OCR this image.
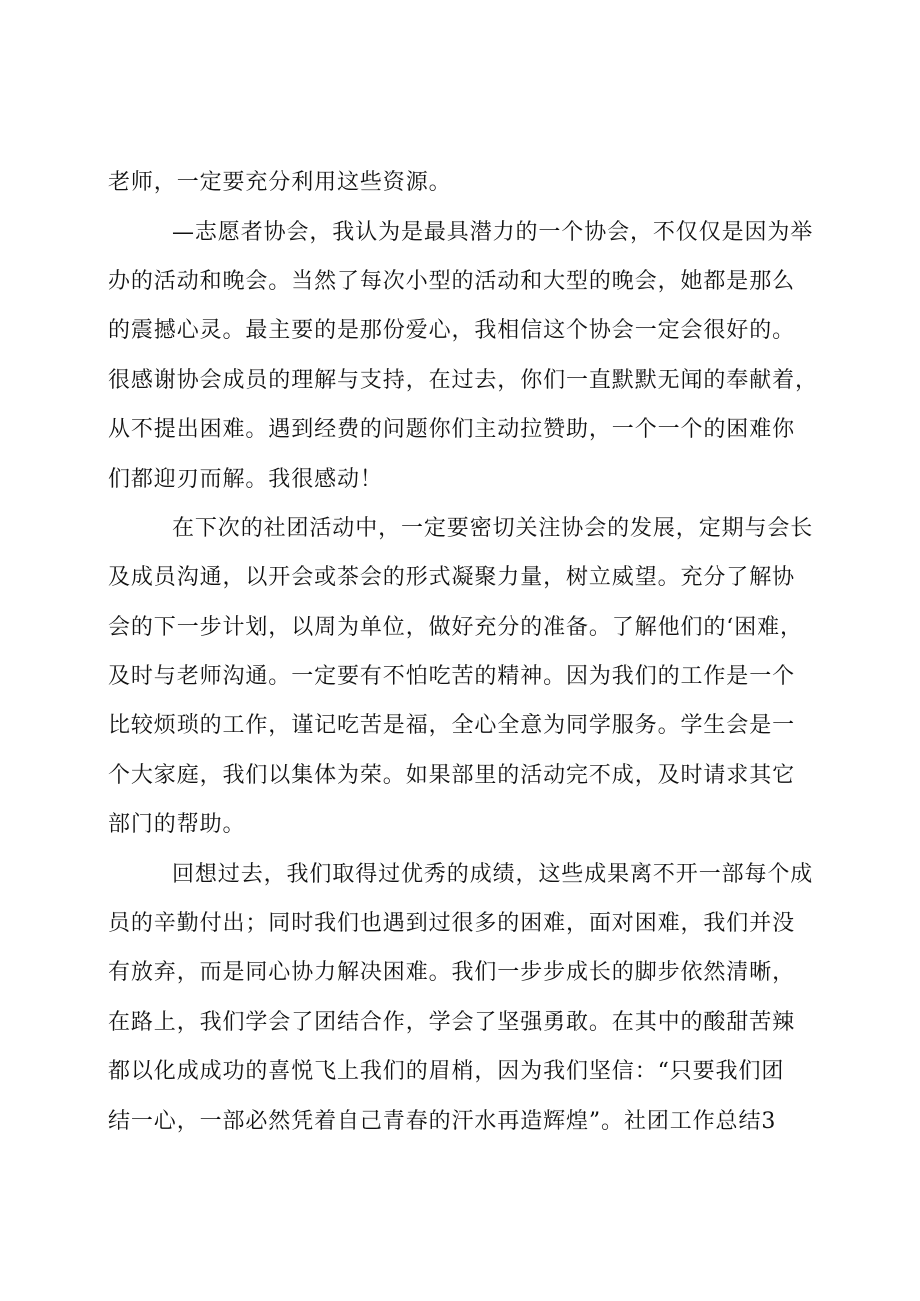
老师，一定要充分利用这些资源。

—志愿者协会，我认为是最具潜力的一个协会，不仅仅是因为举

办的活动和晚会。当然了每次小型的活动和大型的晚会，她都是那么

的震撼心灵。最主要的是那份爱心，我相信这个协会一定会很好的。

很感谢协会成员的理解与支持，在过去，你们一直默默无闻的奉献着，

从不提出困难。遇到经费的问题你们主动拉赞助，一个一个的困难你

们都迎刃而解。我很感动！

在下次的社团活动中，一定要密切关注协会的发展，定期与会长

及成员沟通，以开会或茶会的形式凝聚力量，树立威望。充分了解协

会的下一步计划，以周为单位，做好充分的准备。了解他们的‘困难，

及时与老师沟通。一定要有不怕吃苦的精神。因为我们的工作是一个

比较烦琐的工作，谨记吃苦是福，全心全意为同学服务。学生会是一

个大家庭，我们以集体为荣。如果部里的活动完不成，及时请求其它

部门的帮助。

回想过去，我们取得过优秀的成绩，这些成果离不开一部每个成

员的辛勤付出；同时我们也遇到过很多的困难，面对困难，我们并没

有放弃，而是同心协力解决困难。我们一步步成长的脚步依然清晰，

在路上，我们学会了团结合作，学会了坚强勇敢。在其中的酸甜苦辣

都以化成成功的喜悦飞上我们的眉梢，因为我们坚信：“只要我们团

结一心，一部必然凭着自己青春的汗水再造辉煌”。社团工作总结3
